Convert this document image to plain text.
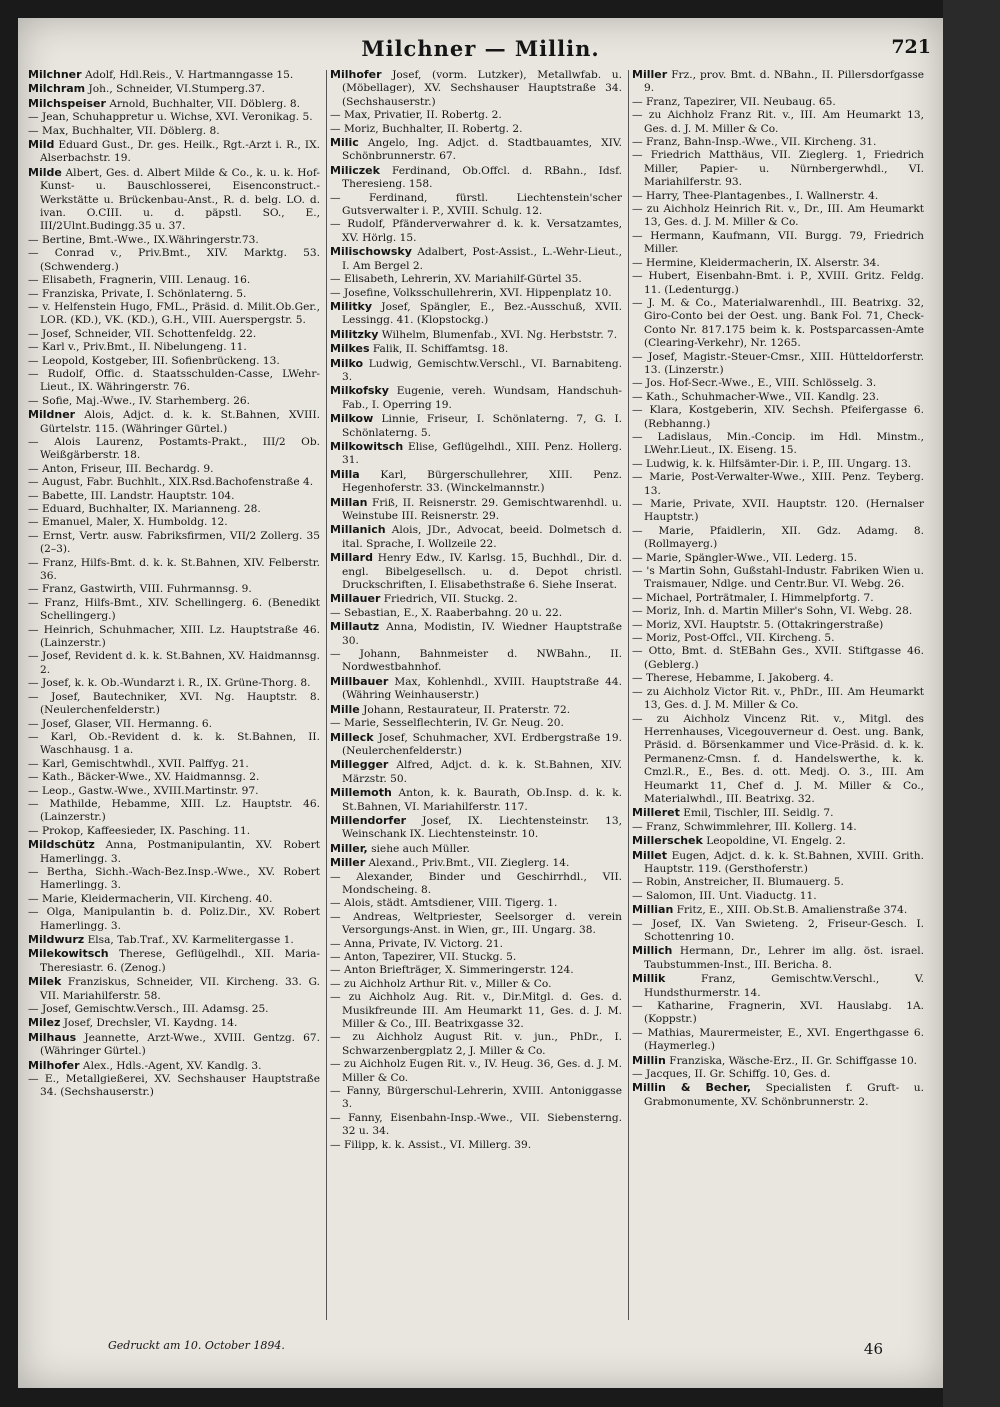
Milchner — Millin.	721

Milchner Adolf, Hdl.Reis., V. Hartmanngasse 15.

Milchram Joh., Schneider, VI.Stumperg.37.

Milchspeiser Arnold, Buchhalter, VII. Döblerg. 8.

— Jean, Schuhappretur u. Wichse, XVI. Veronikag. 5.

— Max, Buchhalter, VII. Döblerg. 8.

Mild Eduard Gust., Dr. ges. Heilk., Rgt.-Arzt i. R., IX. Alserbachstr. 19.

Milde Albert, Ges. d. Albert Milde & Co., k. u. k. Hof-Kunst- u. Bauschlosserei, Eisenconstruct.-Werkstätte u. Brückenbau-Anst., R. d. belg. LO. d. ivan. O.CIII. u. d. päpstl. SO., E., III/2Ulnt.Budingg.35 u. 37.

— Bertine, Bmt.-Wwe., IX.Währingerstr.73.

— Conrad v., Priv.Bmt., XIV. Marktg. 53. (Schwenderg.)

— Elisabeth, Fragnerin, VIII. Lenaug. 16.

— Franziska, Private, I. Schönlaterng. 5.

— v. Helfenstein Hugo, FML., Präsid. d. Milit.Ob.Ger., LOR. (KD.), VK. (KD.), G.H., VIII. Auerspergstr. 5.

— Josef, Schneider, VII. Schottenfeldg. 22.

— Karl v., Priv.Bmt., II. Nibelungeng. 11.

— Leopold, Kostgeber, III. Sofienbrückeng. 13.

— Rudolf, Offic. d. Staatsschulden-Casse, LWehr-Lieut., IX. Währingerstr. 76.

— Sofie, Maj.-Wwe., IV. Starhemberg. 26.

Mildner Alois, Adjct. d. k. k. St.Bahnen, XVIII. Gürtelstr. 115. (Währinger Gürtel.)

— Alois Laurenz, Postamts-Prakt., III/2 Ob. Weißgärberstr. 18.

— Anton, Friseur, III. Bechardg. 9.

— August, Fabr. Buchhlt., XIX.Rsd.Bachofenstraße 4.

— Babette, III. Landstr. Hauptstr. 104.

— Eduard, Buchhalter, IX. Marianneng. 28.

— Emanuel, Maler, X. Humboldg. 12.

— Ernst, Vertr. ausw. Fabriksfirmen, VII/2 Zollerg. 35 (2–3).

— Franz, Hilfs-Bmt. d. k. k. St.Bahnen, XIV. Felberstr. 36.

— Franz, Gastwirth, VIII. Fuhrmannsg. 9.

— Franz, Hilfs-Bmt., XIV. Schellingerg. 6. (Benedikt Schellingerg.)

— Heinrich, Schuhmacher, XIII. Lz. Hauptstraße 46. (Lainzerstr.)

— Josef, Revident d. k. k. St.Bahnen, XV. Haidmannsg. 2.

— Josef, k. k. Ob.-Wundarzt i. R., IX. Grüne-Thorg. 8.

— Josef, Bautechniker, XVI. Ng. Hauptstr. 8. (Neulerchenfelderstr.)

— Josef, Glaser, VII. Hermanng. 6.

— Karl, Ob.-Revident d. k. k. St.Bahnen, II. Waschhausg. 1 a.

— Karl, Gemischtwhdl., XVII. Palffyg. 21.

— Kath., Bäcker-Wwe., XV. Haidmannsg. 2.

— Leop., Gastw.-Wwe., XVIII.Martinstr. 97.

— Mathilde, Hebamme, XIII. Lz. Hauptstr. 46. (Lainzerstr.)

— Prokop, Kaffeesieder, IX. Pasching. 11.

Mildschütz Anna, Postmanipulantin, XV. Robert Hamerlingg. 3.

— Bertha, Sichh.-Wach-Bez.Insp.-Wwe., XV. Robert Hamerlingg. 3.

— Marie, Kleidermacherin, VII. Kircheng. 40.

— Olga, Manipulantin b. d. Poliz.Dir., XV. Robert Hamerlingg. 3.

Mildwurz Elsa, Tab.Traf., XV. Karmelitergasse 1.

Milekowitsch Therese, Geflügelhdl., XII. Maria-Theresiastr. 6. (Zenog.)

Milek Franziskus, Schneider, VII. Kircheng. 33. G. VII. Mariahilferstr. 58.

— Josef, Gemischtw.Versch., III. Adamsg. 25.

Milez Josef, Drechsler, VI. Kaydng. 14.

Milhaus Jeannette, Arzt-Wwe., XVIII. Gentzg. 67. (Währinger Gürtel.)

Milhofer Alex., Hdls.-Agent, XV. Kandlg. 3.

— E., Metallgießerei, XV. Sechshauser Hauptstraße 34. (Sechshauserstr.)

Milhofer Josef, (vorm. Lutzker), Metallwfab. u. (Möbellager), XV. Sechshauser Hauptstraße 34. (Sechshauserstr.)

— Max, Privatier, II. Robertg. 2.

— Moriz, Buchhalter, II. Robertg. 2.

Milic Angelo, Ing. Adjct. d. Stadtbauamtes, XIV. Schönbrunnerstr. 67.

Miliczek Ferdinand, Ob.Offcl. d. RBahn., Idsf. Theresieng. 158.

— Ferdinand, fürstl. Liechtenstein'scher Gutsverwalter i. P., XVIII. Schulg. 12.

— Rudolf, Pfänderverwahrer d. k. k. Versatzamtes, XV. Hörlg. 15.

Milischowsky Adalbert, Post-Assist., L.-Wehr-Lieut., I. Am Bergel 2.

— Elisabeth, Lehrerin, XV. Mariahilf-Gürtel 35.

— Josefine, Volksschullehrerin, XVI. Hippenplatz 10.

Militky Josef, Spängler, E., Bez.-Ausschuß, XVII. Lessingg. 41. (Klopstockg.)

Militzky Wilhelm, Blumenfab., XVI. Ng. Herbststr. 7.

Milkes Falik, II. Schiffamtsg. 18.

Milko Ludwig, Gemischtw.Verschl., VI. Barnabiteng. 3.

Milkofsky Eugenie, vereh. Wundsam, Handschuh-Fab., I. Operring 19.

Milkow Linnie, Friseur, I. Schönlaterng. 7, G. I. Schönlaterng. 5.

Milkowitsch Elise, Geflügelhdl., XIII. Penz. Hollerg. 31.

Milla Karl, Bürgerschullehrer, XIII. Penz. Hegenhoferstr. 33. (Winckelmannstr.)

Millan Friß, II. Reisnerstr. 29. Gemischtwarenhdl. u. Weinstube III. Reisnerstr. 29.

Millanich Alois, JDr., Advocat, beeid. Dolmetsch d. ital. Sprache, I. Wollzeile 22.

Millard Henry Edw., IV. Karlsg. 15, Buchhdl., Dir. d. engl. Bibelgesellsch. u. d. Depot christl. Druckschriften, I. Elisabethstraße 6. Siehe Inserat.

Millauer Friedrich, VII. Stuckg. 2.

— Sebastian, E., X. Raaberbahng. 20 u. 22.

Millautz Anna, Modistin, IV. Wiedner Hauptstraße 30.

— Johann, Bahnmeister d. NWBahn., II. Nordwestbahnhof.

Millbauer Max, Kohlenhdl., XVIII. Hauptstraße 44. (Währing Weinhauserstr.)

Mille Johann, Restaurateur, II. Praterstr. 72.

— Marie, Sesselflechterin, IV. Gr. Neug. 20.

Milleck Josef, Schuhmacher, XVI. Erdbergstraße 19. (Neulerchenfelderstr.)

Millegger Alfred, Adjct. d. k. k. St.Bahnen, XIV. Märzstr. 50.

Millemoth Anton, k. k. Baurath, Ob.Insp. d. k. k. St.Bahnen, VI. Mariahilferstr. 117.

Millendorfer Josef, IX. Liechtensteinstr. 13, Weinschank IX. Liechtensteinstr. 10.

Miller, siehe auch Müller.

Miller Alexand., Priv.Bmt., VII. Zieglerg. 14.

— Alexander, Binder und Geschirrhdl., VII. Mondscheing. 8.

— Alois, städt. Amtsdiener, VIII. Tigerg. 1.

— Andreas, Weltpriester, Seelsorger d. verein Versorgungs-Anst. in Wien, gr., III. Ungarg. 38.

— Anna, Private, IV. Victorg. 21.

— Anton, Tapezirer, VII. Stuckg. 5.

— Anton Briefträger, X. Simmeringerstr. 124.

— zu Aichholz Arthur Rit. v., Miller & Co.

— zu Aichholz Aug. Rit. v., Dir.Mitgl. d. Ges. d. Musikfreunde III. Am Heumarkt 11, Ges. d. J. M. Miller & Co., III. Beatrixgasse 32.

— zu Aichholz August Rit. v. jun., PhDr., I. Schwarzenbergplatz 2, J. Miller & Co.

— zu Aichholz Eugen Rit. v., IV. Heug. 36, Ges. d. J. M. Miller & Co.

— Fanny, Bürgerschul-Lehrerin, XVIII. Antoniggasse 3.

— Fanny, Eisenbahn-Insp.-Wwe., VII. Siebensterng. 32 u. 34.

— Filipp, k. k. Assist., VI. Millerg. 39.

Miller Frz., prov. Bmt. d. NBahn., II. Pillersdorfgasse 9.

— Franz, Tapezirer, VII. Neubaug. 65.

— zu Aichholz Franz Rit. v., III. Am Heumarkt 13, Ges. d. J. M. Miller & Co.

— Franz, Bahn-Insp.-Wwe., VII. Kircheng. 31.

— Friedrich Matthäus, VII. Zieglerg. 1, Friedrich Miller, Papier- u. Nürnbergerwhdl., VI. Mariahilferstr. 93.

— Harry, Thee-Plantagenbes., I. Wallnerstr. 4.

— zu Aichholz Heinrich Rit. v., Dr., III. Am Heumarkt 13, Ges. d. J. M. Miller & Co.

— Hermann, Kaufmann, VII. Burgg. 79, Friedrich Miller.

— Hermine, Kleidermacherin, IX. Alserstr. 34.

— Hubert, Eisenbahn-Bmt. i. P., XVIII. Gritz. Feldg. 11. (Ledenturgg.)

— J. M. & Co., Materialwarenhdl., III. Beatrixg. 32, Giro-Conto bei der Oest. ung. Bank Fol. 71, Check-Conto Nr. 817.175 beim k. k. Postsparcassen-Amte (Clearing-Verkehr), Nr. 1265.

— Josef, Magistr.-Steuer-Cmsr., XIII. Hütteldorferstr. 13. (Linzerstr.)

— Jos. Hof-Secr.-Wwe., E., VIII. Schlösselg. 3.

— Kath., Schuhmacher-Wwe., VII. Kandlg. 23.

— Klara, Kostgeberin, XIV. Sechsh. Pfeifergasse 6. (Rebhanng.)

— Ladislaus, Min.-Concip. im Hdl. Minstm., LWehr.Lieut., IX. Eiseng. 15.

— Ludwig, k. k. Hilfsämter-Dir. i. P., III. Ungarg. 13.

— Marie, Post-Verwalter-Wwe., XIII. Penz. Teyberg. 13.

— Marie, Private, XVII. Hauptstr. 120. (Hernalser Hauptstr.)

— Marie, Pfaidlerin, XII. Gdz. Adamg. 8. (Rollmayerg.)

— Marie, Spängler-Wwe., VII. Lederg. 15.

— 's Martin Sohn, Gußstahl-Industr. Fabriken Wien u. Traismauer, Ndlge. und Centr.Bur. VI. Webg. 26.

— Michael, Porträtmaler, I. Himmelpfortg. 7.

— Moriz, Inh. d. Martin Miller's Sohn, VI. Webg. 28.

— Moriz, XVI. Hauptstr. 5. (Ottakringerstraße)

— Moriz, Post-Offcl., VII. Kircheng. 5.

— Otto, Bmt. d. StEBahn Ges., XVII. Stiftgasse 46. (Geblerg.)

— Therese, Hebamme, I. Jakoberg. 4.

— zu Aichholz Victor Rit. v., PhDr., III. Am Heumarkt 13, Ges. d. J. M. Miller & Co.

— zu Aichholz Vincenz Rit. v., Mitgl. des Herrenhauses, Vicegouverneur d. Oest. ung. Bank, Präsid. d. Börsenkammer und Vice-Präsid. d. k. k. Permanenz-Cmsn. f. d. Handelswerthe, k. k. Cmzl.R., E., Bes. d. ott. Medj. O. 3., III. Am Heumarkt 11, Chef d. J. M. Miller & Co., Materialwhdl., III. Beatrixg. 32.

Milleret Emil, Tischler, III. Seidlg. 7.

— Franz, Schwimmlehrer, III. Kollerg. 14.

Millerschek Leopoldine, VI. Engelg. 2.

Millet Eugen, Adjct. d. k. k. St.Bahnen, XVIII. Grith. Hauptstr. 119. (Gersthoferstr.)

— Robin, Anstreicher, II. Blumauerg. 5.

— Salomon, III. Unt. Viaductg. 11.

Millian Fritz, E., XIII. Ob.St.B. Amalienstraße 374.

— Josef, IX. Van Swieteng. 2, Friseur-Gesch. I. Schottenring 10.

Millich Hermann, Dr., Lehrer im allg. öst. israel. Taubstummen-Inst., III. Bericha. 8.

Millik	Franz, Gemischtw.Verschl., V. Hundsthurmerstr. 14.

— Katharine, Fragnerin, XVI. Hauslabg. 1A. (Koppstr.)

— Mathias, Maurermeister, E., XVI. Engerthgasse 6. (Haymerleg.)

Millin Franziska, Wäsche-Erz., II. Gr. Schiffgasse 10.

— Jacques, II. Gr. Schiffg. 10, Ges. d.

Millin & Becher, Specialisten f. Gruft- u. Grabmonumente, XV. Schönbrunnerstr. 2.

Gedruckt am 10. October 1894.	46
